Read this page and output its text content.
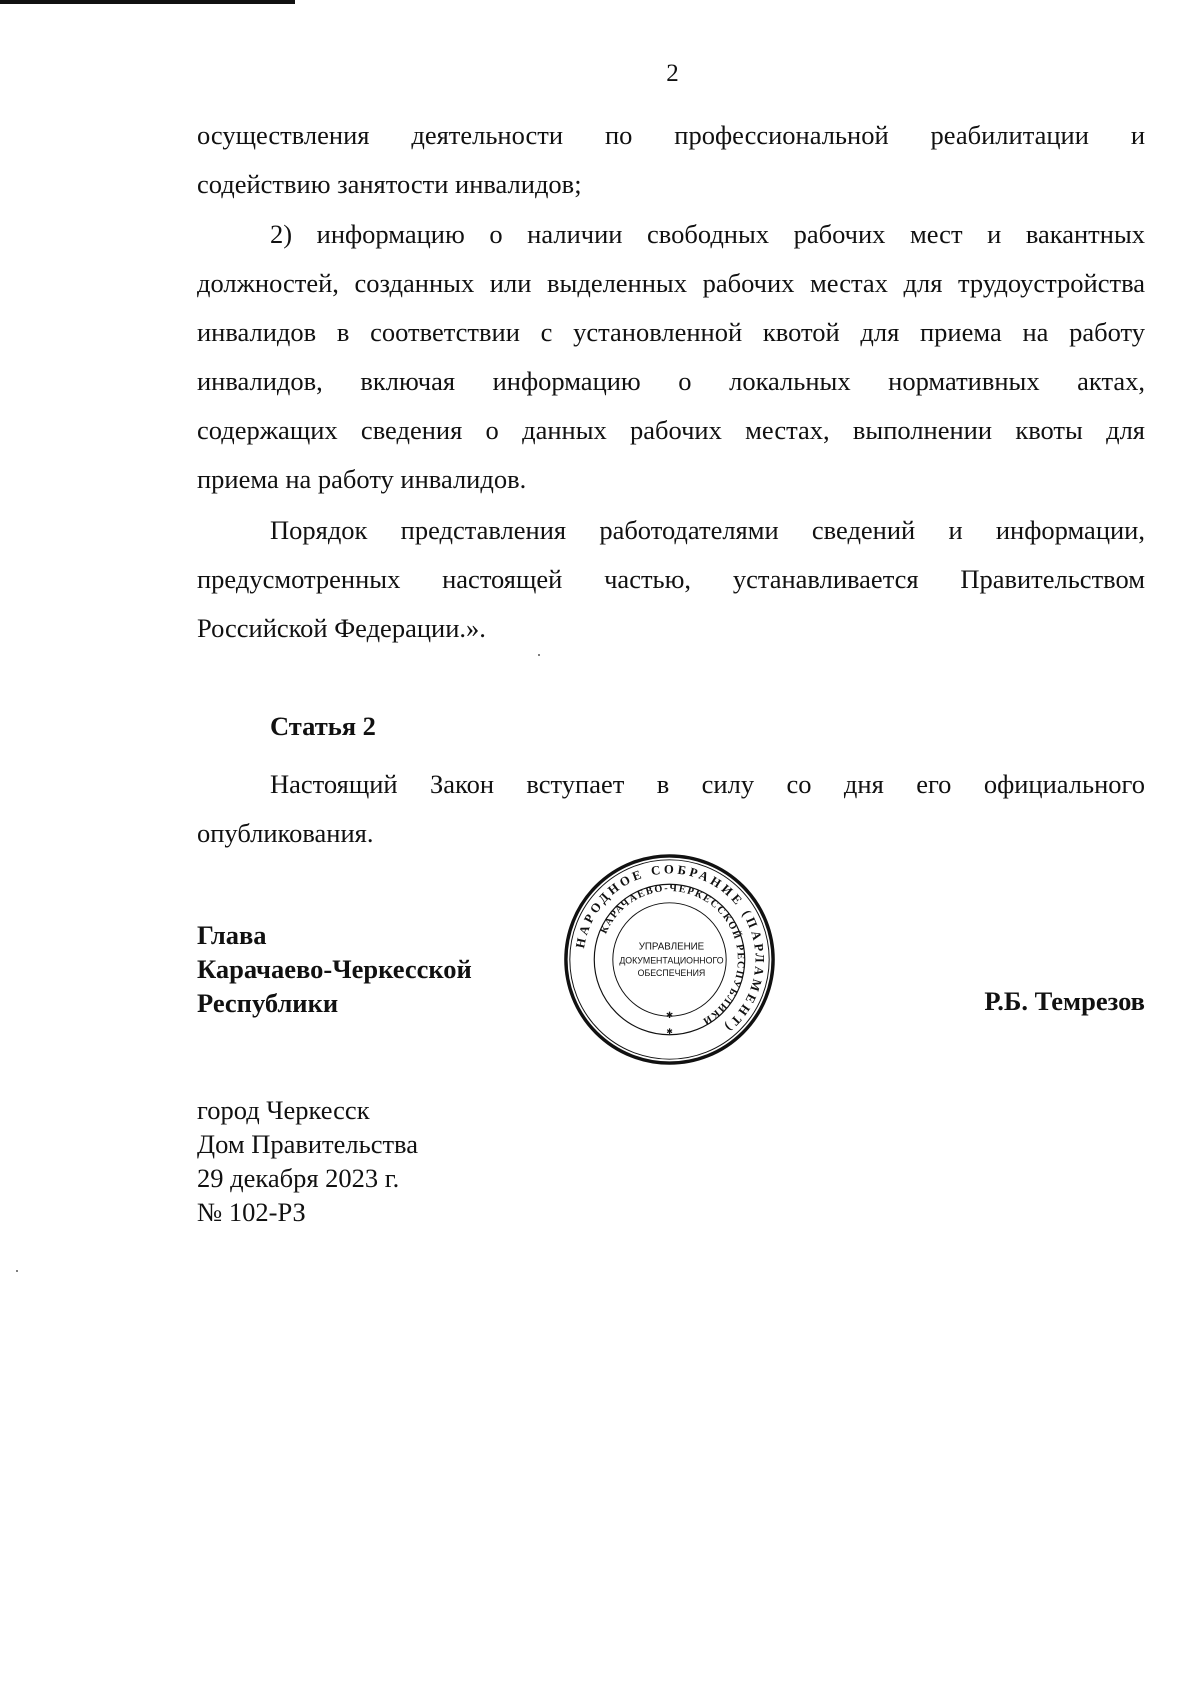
2
осуществления деятельности по профессиональной реабилитации и
содействию занятости инвалидов;
2) информацию о наличии свободных рабочих мест и вакантных
должностей, созданных или выделенных рабочих местах для трудоустройства
инвалидов в соответствии с установленной квотой для приема на работу
инвалидов, включая информацию о локальных нормативных актах,
содержащих сведения о данных рабочих местах, выполнении квоты для
приема на работу инвалидов.
Порядок представления работодателями сведений и информации,
предусмотренных настоящей частью, устанавливается Правительством
Российской Федерации.».
Статья 2
Настоящий Закон вступает в силу со дня его официального
опубликования.
Глава
Карачаево-Черкесской
Республики
НАРОДНОЕ СОБРАНИЕ (ПАРЛАМЕНТ)
КАРАЧАЕВО-ЧЕРКЕССКОЙ РЕСПУБЛИКИ
УПРАВЛЕНИЕ
ДОКУМЕНТАЦИОННОГО
ОБЕСПЕЧЕНИЯ
✱
✱
Р.Б. Темрезов
город Черкесск
Дом Правительства
29 декабря 2023 г.
№ 102-РЗ
